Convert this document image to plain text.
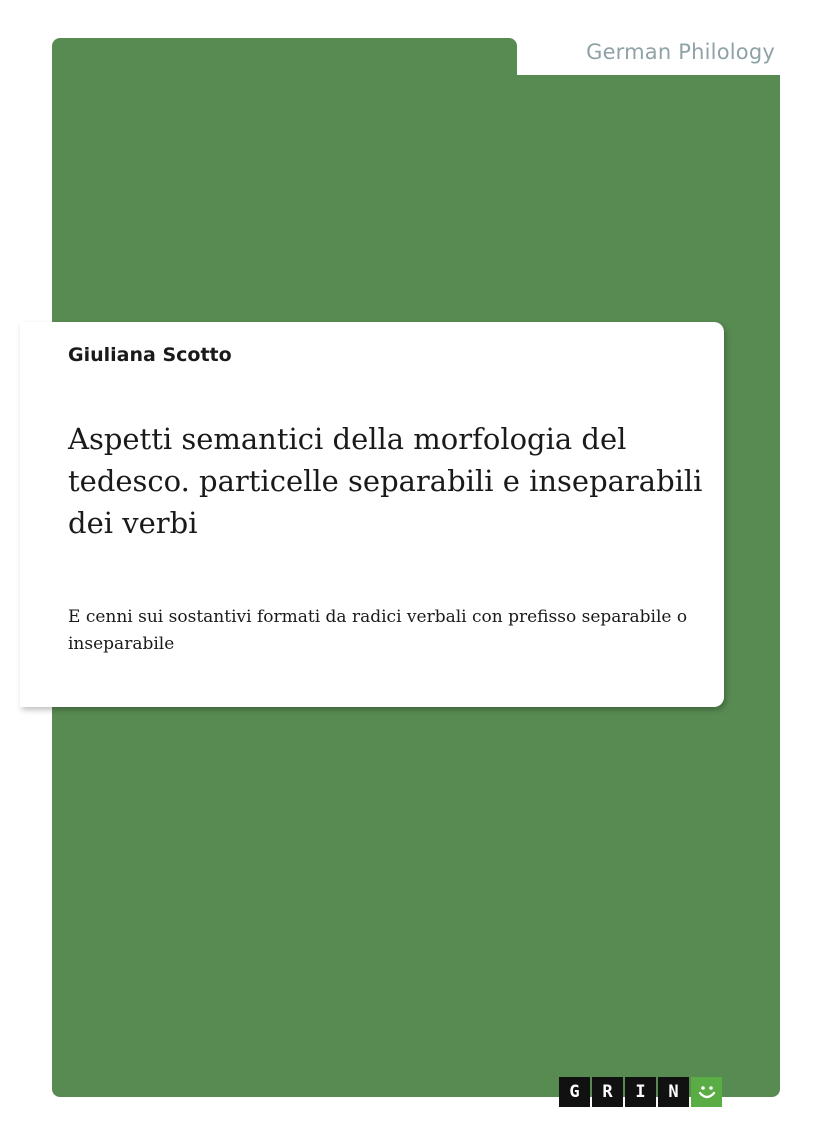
German Philology
Giuliana Scotto
Aspetti semantici della morfologia del tedesco. particelle separabili e inseparabili dei verbi
E cenni sui sostantivi formati da radici verbali con prefisso separabile o inseparabile
G	R	I	N
